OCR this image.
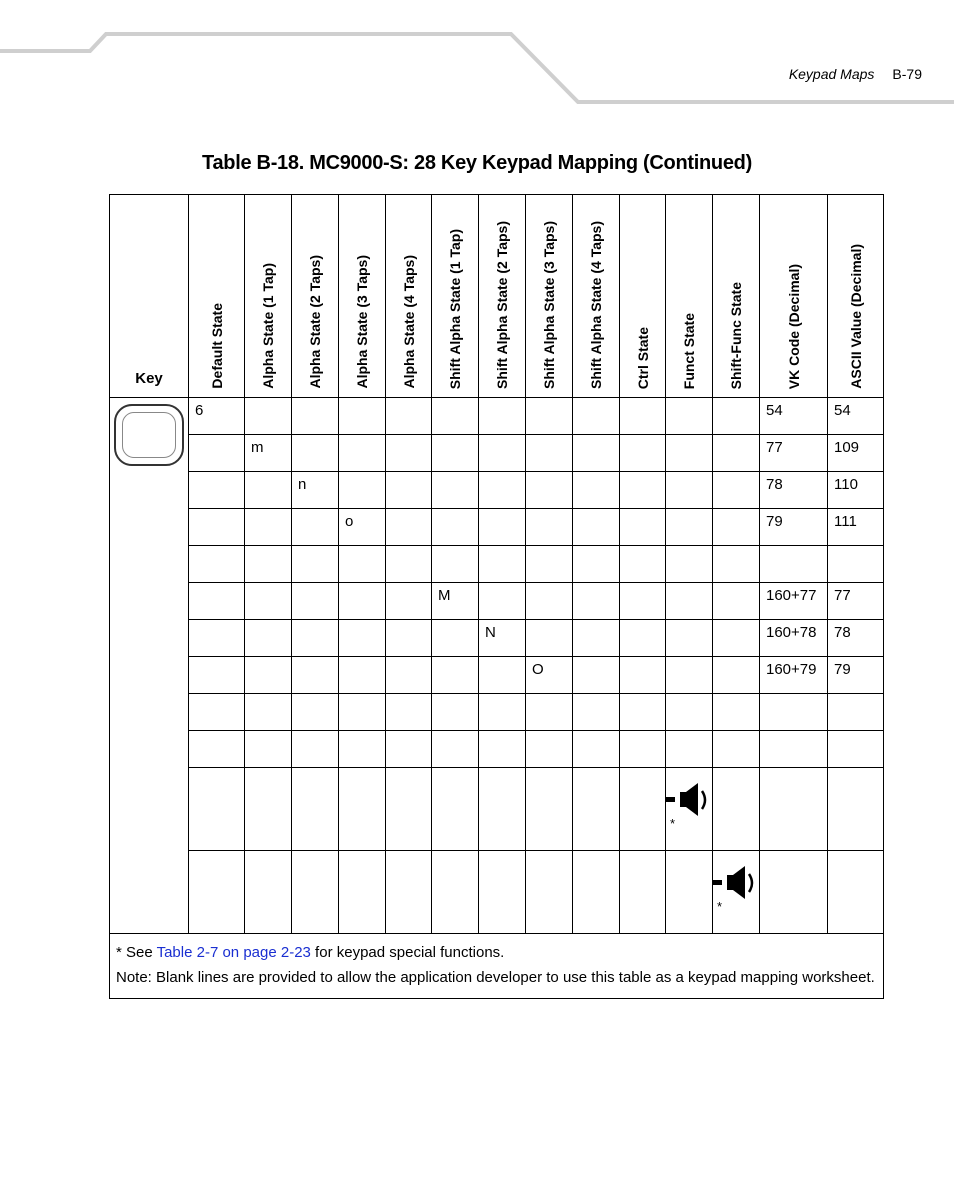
Keypad Maps B-79
Table B-18. MC9000-S: 28 Key Keypad Mapping (Continued)
Key	Default State	Alpha State (1 Tap)	Alpha State (2 Taps)	Alpha State (3 Taps)	Alpha State (4 Taps)	Shift Alpha State (1 Tap)	Shift Alpha State (2 Taps)	Shift Alpha State (3 Taps)	Shift Alpha State (4 Taps)	Ctrl State	Funct State	Shift-Func State	VK Code (Decimal)	ASCII Value (Decimal)

	6												54	54
		m											77	109
			n										78	110
				o									79	111

						M							160+77	77
							N						160+78	78
								O					160+79	79

											*			

												*		

* See Table 2-7 on page 2-23 for keypad special functions.
Note: Blank lines are provided to allow the application developer to use this table as a keypad mapping worksheet.														
